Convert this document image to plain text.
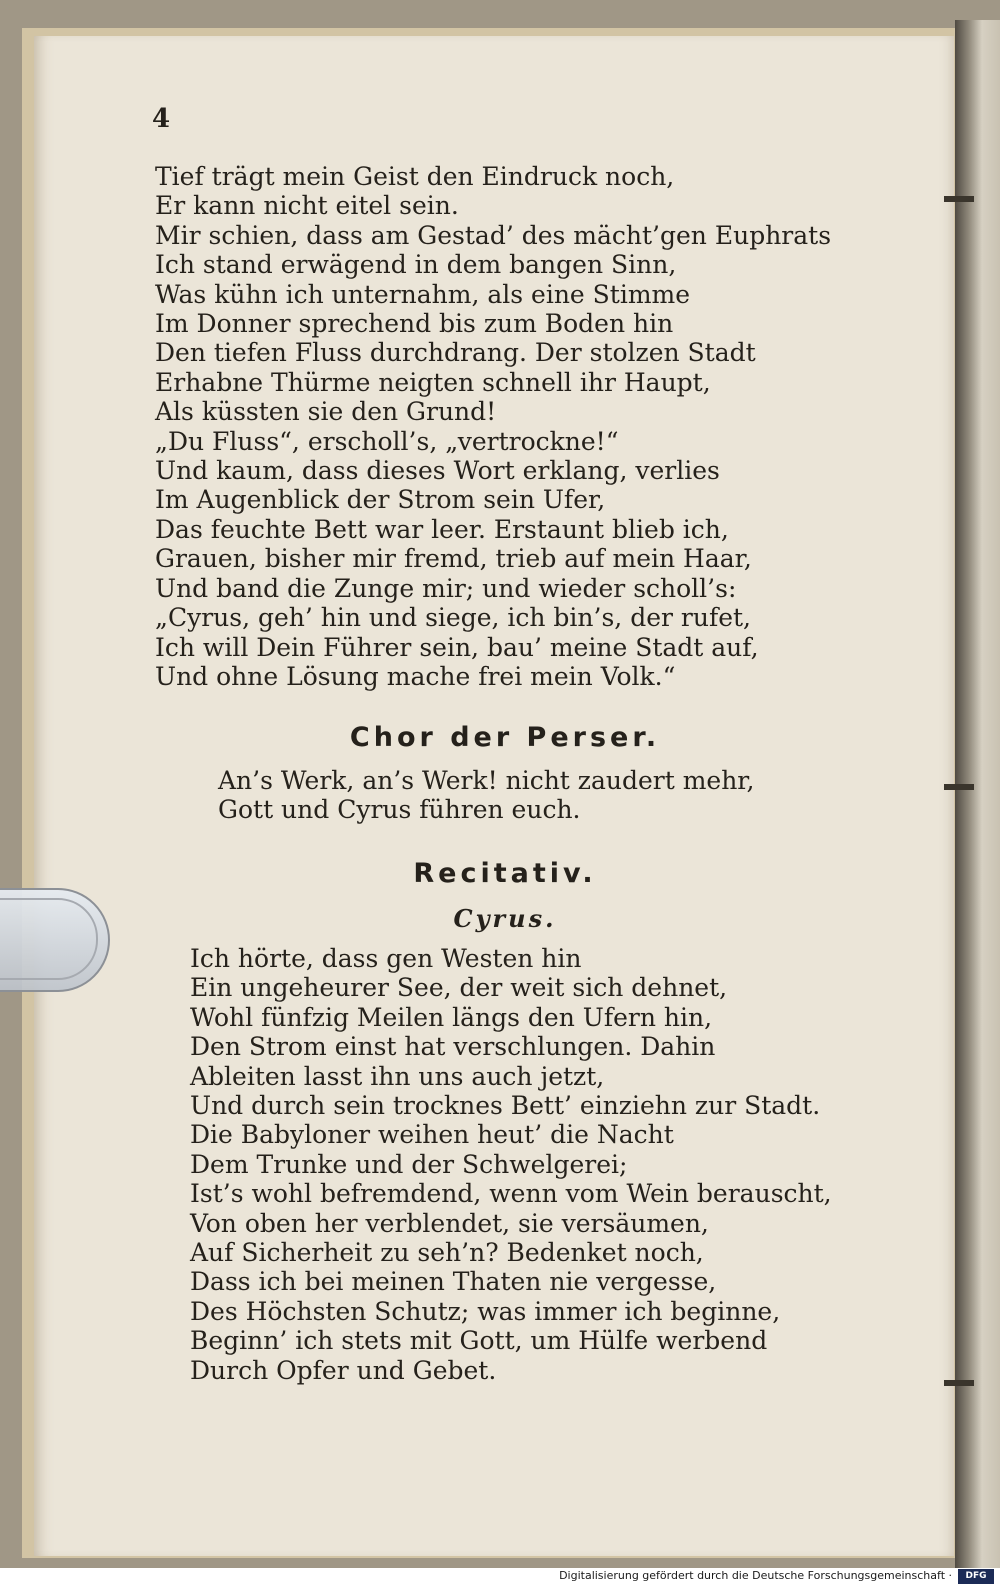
4
Tief trägt mein Geist den Eindruck noch,
Er kann nicht eitel sein.
Mir schien, dass am Gestad’ des mächt’gen Euphrats
Ich stand erwägend in dem bangen Sinn,
Was kühn ich unternahm, als eine Stimme
Im Donner sprechend bis zum Boden hin
Den tiefen Fluss durchdrang. Der stolzen Stadt
Erhabne Thürme neigten schnell ihr Haupt,
Als küssten sie den Grund!
„Du Fluss“, erscholl’s, „vertrockne!“
Und kaum, dass dieses Wort erklang, verlies
Im Augenblick der Strom sein Ufer,
Das feuchte Bett war leer. Erstaunt blieb ich,
Grauen, bisher mir fremd, trieb auf mein Haar,
Und band die Zunge mir; und wieder scholl’s:
„Cyrus, geh’ hin und siege, ich bin’s, der rufet,
Ich will Dein Führer sein, bau’ meine Stadt auf,
Und ohne Lösung mache frei mein Volk.“
Chor der Perser.
An’s Werk, an’s Werk! nicht zaudert mehr,
Gott und Cyrus führen euch.
Recitativ.
Cyrus.
Ich hörte, dass gen Westen hin
Ein ungeheurer See, der weit sich dehnet,
Wohl fünfzig Meilen längs den Ufern hin,
Den Strom einst hat verschlungen. Dahin
Ableiten lasst ihn uns auch jetzt,
Und durch sein trocknes Bett’ einziehn zur Stadt.
Die Babyloner weihen heut’ die Nacht
Dem Trunke und der Schwelgerei;
Ist’s wohl befremdend, wenn vom Wein berauscht,
Von oben her verblendet, sie versäumen,
Auf Sicherheit zu seh’n? Bedenket noch,
Dass ich bei meinen Thaten nie vergesse,
Des Höchsten Schutz; was immer ich beginne,
Beginn’ ich stets mit Gott, um Hülfe werbend
Durch Opfer und Gebet.
Digitalisierung gefördert durch die Deutsche Forschungsgemeinschaft ·	DFG
